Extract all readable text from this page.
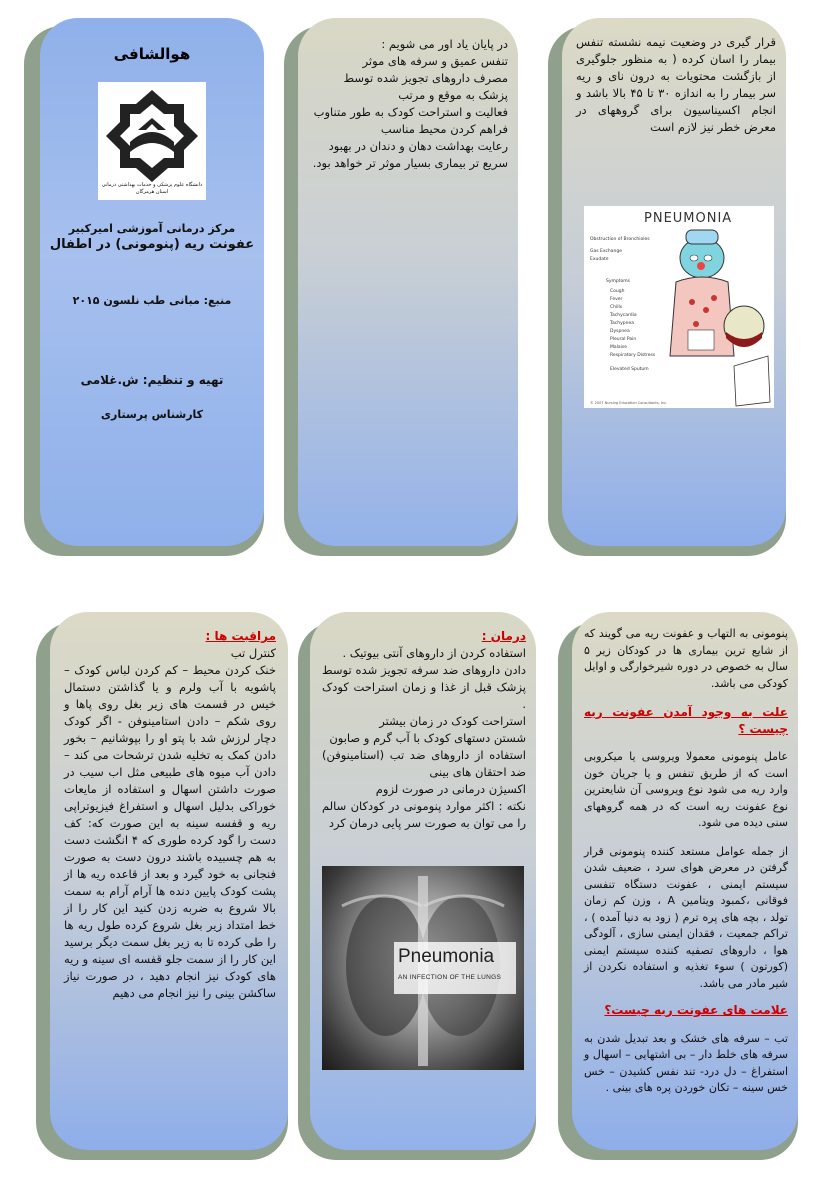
هوالشافی
دانشگاه علوم پزشکی و خدمات بهداشتی درمانی استان هرمزگان
مرکز درمانی آموزشی امیرکبیر
عفونت ریه (پنومونی) در اطفال
منبع: مبانی طب نلسون ۲۰۱۵
تهیه و تنظیم: ش.غلامی
کارشناس پرستاری

در پایان یاد اور می شویم :

تنفس عمیق و سرفه های موثر

مصرف داروهای تجویز شده توسط پزشک به موقع و مرتب

فعالیت و استراحت کودک به طور متناوب

فراهم کردن محیط مناسب

رعایت بهداشت دهان و دندان در بهبود سریع تر بیماری بسیار موثر تر خواهد بود.

قرار گیری در وضعیت نیمه نشسته تنفس بیمار را اسان کرده ( به منظور جلوگیری از بازگشت محتویات به درون نای و ریه سر بیمار را به اندازه ۳۰ تا ۴۵ بالا باشد و انجام اکسیناسیون برای گروههای در معرض خطر نیز لازم است
PNEUMONIA
Obstruction of Bronchioles
Gas Exchange
Exudate
Symptoms
Cough
Fever
Chills
Tachycardia
Tachypnea
Dyspnea
Pleural Pain
Malaise
Respiratory Distress
Elevated Sputum
© 2007 Nursing Education Consultants, Inc.

مراقبت ها :

کنترل تب

خنک کردن محیط – کم کردن لباس کودک – پاشویه با آب ولرم و یا گذاشتن دستمال خیس در قسمت های زیر بغل روی پاها و روی شکم – دادن استامینوفن - اگر کودک دچار لرزش شد با پتو او را بپوشانیم – بخور دادن کمک به تخلیه شدن ترشحات می کند – دادن آب میوه های طبیعی مثل اب سیب در صورت داشتن اسهال و استفاده از مایعات خوراکی بدلیل اسهال و استفراغ فیزیوتراپی ریه و قفسه سینه به این صورت که: کف دست را گود کرده طوری که ۴ انگشت دست به هم چسبیده باشند درون دست به صورت فنجانی به خود گیرد و بعد از قاعده ریه ها از پشت کودک پایین دنده ها آرام آرام به سمت بالا شروع به ضربه زدن کنید این کار را از خط امتداد زیر بغل شروع کرده طول ریه ها را طی کرده تا به زیر بغل سمت دیگر برسید این کار را از سمت جلو قفسه ای سینه و ریه های کودک نیز انجام دهید ، در صورت نیاز ساکشن بینی را نیز انجام می دهیم

درمان :

استفاده کردن از داروهای آنتی بیوتیک .

دادن داروهای ضد سرفه تجویز شده توسط پزشک قبل از غذا و زمان استراحت کودک .

استراحت کودک در زمان بیشتر

شستن دستهای کودک با آب گرم و صابون

استفاده از داروهای ضد تب (استامینوفن) ضد احتقان های بینی

اکسیژن درمانی در صورت لزوم

نکته : اکثر موارد پنومونی در کودکان سالم را می توان به صورت سر پایی درمان کرد

Pneumonia
AN INFECTION OF THE LUNGS

پنومونی به التهاب و عفونت ریه می گویند که از شایع ترین بیماری ها در کودکان زیر ۵ سال به خصوص در دوره شیرخوارگی و اوایل کودکی می باشد.

علت به وجود آمدن عفونت ریه چیست ؟

عامل پنومونی معمولا ویروسی یا میکروبی است که از طریق تنفس و یا جریان خون وارد ریه می شود نوع ویروسی آن شایعترین نوع عفونت ریه است که در همه گروههای سنی دیده می شود.

از جمله عوامل مستعد کننده پنومونی قرار گرفتن در معرض هوای سرد ، ضعیف شدن سیستم ایمنی ، عفونت دستگاه تنفسی فوقانی ،کمبود ویتامین A ، وزن کم زمان تولد ، بچه های پره ترم ( زود به دنیا آمده ) ، تراکم جمعیت ، فقدان ایمنی سازی ، آلودگی هوا ، داروهای تصفیه کننده سیستم ایمنی (کورتون ) سوء تغذیه و استفاده نکردن از شیر مادر می باشد.

علامت های عفونت ریه چیست؟

تب – سرفه های خشک و بعد تبدیل شدن به سرفه های خلط دار – بی اشتهایی – اسهال و استفراغ – دل درد- تند نفس کشیدن – خس خس سینه – تکان خوردن پره های بینی .
